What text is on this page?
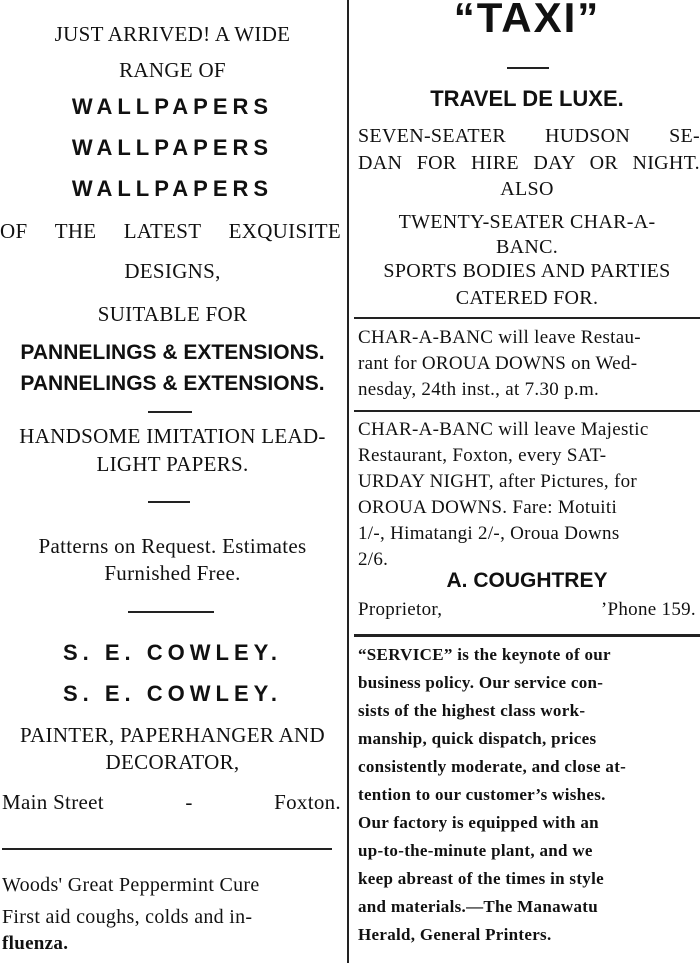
JUST ARRIVED! A WIDE
RANGE OF
WALLPAPERS
WALLPAPERS
WALLPAPERS
OF THE LATEST EXQUISITE
DESIGNS,
SUITABLE FOR
PANNELINGS & EXTENSIONS.
PANNELINGS & EXTENSIONS.
HANDSOME IMITATION LEAD-
LIGHT PAPERS.
Patterns on Request. Estimates
Furnished Free.
S. E. COWLEY.
S. E. COWLEY.
PAINTER, PAPERHANGER AND
DECORATOR,
Main Street	-	Foxton.
Woods' Great Peppermint Cure
First aid coughs, colds and in-
fluenza.
“TAXI”
TRAVEL DE LUXE.
SEVEN-SEATER HUDSON SE-
DAN FOR HIRE DAY OR NIGHT.
ALSO
TWENTY-SEATER CHAR-A-
BANC.
SPORTS BODIES AND PARTIES
CATERED FOR.
CHAR-A-BANC will leave Restau-
rant for OROUA DOWNS on Wed-
nesday, 24th inst., at 7.30 p.m.
CHAR-A-BANC will leave Majestic
Restaurant, Foxton, every SAT-
URDAY NIGHT, after Pictures, for
OROUA DOWNS. Fare: Motuiti
1/-, Himatangi 2/-, Oroua Downs
2/6.
A. COUGHTREY
Proprietor,	’Phone 159.
“SERVICE” is the keynote of our
business policy. Our service con-
sists of the highest class work-
manship, quick dispatch, prices
consistently moderate, and close at-
tention to our customer’s wishes.
Our factory is equipped with an
up-to-the-minute plant, and we
keep abreast of the times in style
and materials.—The Manawatu
Herald, General Printers.
